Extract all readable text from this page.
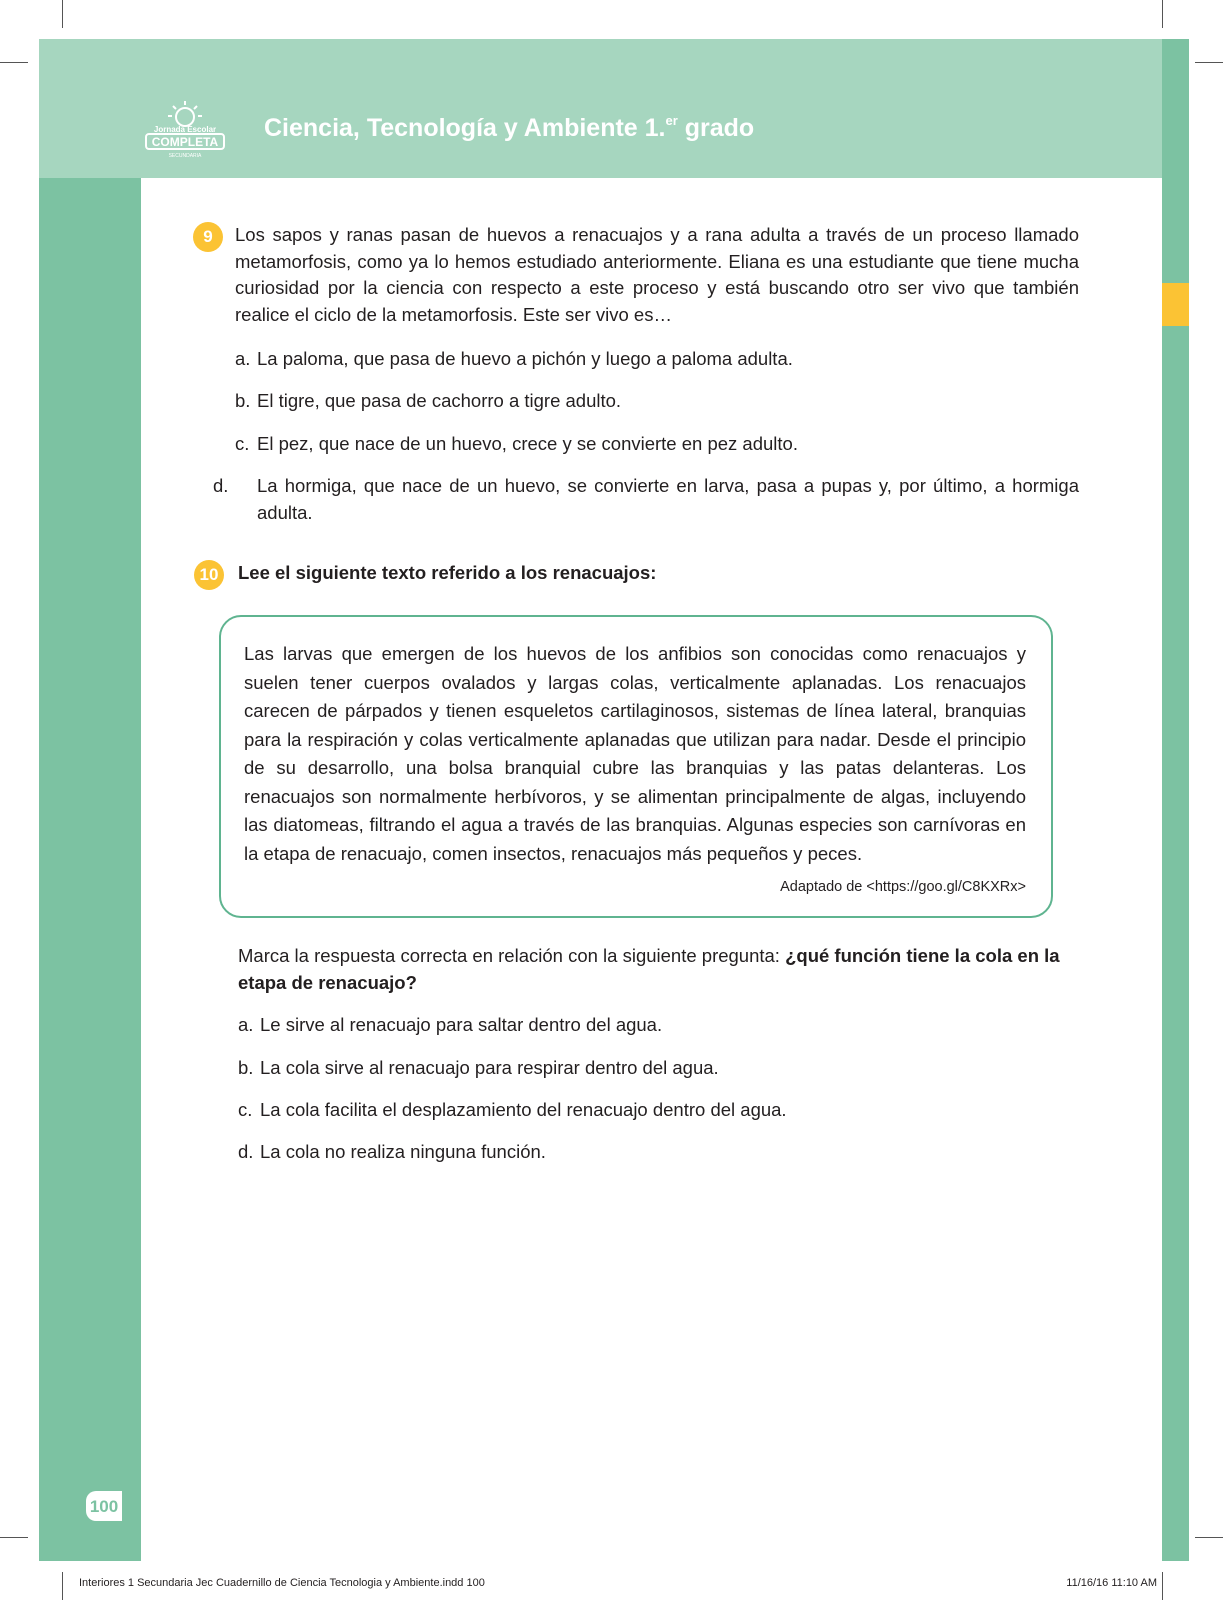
Jornada Escolar
COMPLETA
SECUNDARIA
Ciencia, Tecnología y Ambiente 1.$^{er}$ grado
9	Los sapos y ranas pasan de huevos a renacuajos y a rana adulta a través de un proceso llamado metamorfosis, como ya lo hemos estudiado anteriormente. Eliana es una estudiante que tiene mucha curiosidad por la ciencia con respecto a este proceso y está buscando otro ser vivo que también realice el ciclo de la metamorfosis. Este ser vivo es…
a. La paloma, que pasa de huevo a pichón y luego a paloma adulta.
b. El tigre, que pasa de cachorro a tigre adulto.
c. El pez, que nace de un huevo, crece y se convierte en pez adulto.
d. La hormiga, que nace de un huevo, se convierte en larva, pasa a pupas y, por último, a hormiga adulta.
10 Lee el siguiente texto referido a los renacuajos:
Las larvas que emergen de los huevos de los anfibios son conocidas como renacuajos y suelen tener cuerpos ovalados y largas colas, verticalmente aplanadas. Los renacuajos carecen de párpados y tienen esqueletos cartilaginosos, sistemas de línea lateral, branquias para la respiración y colas verticalmente aplanadas que utilizan para nadar. Desde el principio de su desarrollo, una bolsa branquial cubre las branquias y las patas delanteras. Los renacuajos son normalmente herbívoros, y se alimentan principalmente de algas, incluyendo las diatomeas, filtrando el agua a través de las branquias. Algunas especies son carnívoras en la etapa de renacuajo, comen insectos, renacuajos más pequeños y peces.
Adaptado de <https://goo.gl/C8KXRx>
Marca la respuesta correcta en relación con la siguiente pregunta: ¿qué función tiene la cola en la etapa de renacuajo?
a. Le sirve al renacuajo para saltar dentro del agua.
b. La cola sirve al renacuajo para respirar dentro del agua.
c. La cola facilita el desplazamiento del renacuajo dentro del agua.
d. La cola no realiza ninguna función.
100
Interiores 1 Secundaria Jec Cuadernillo de Ciencia Tecnologia y Ambiente.indd 100	11/16/16 11:10 AM
